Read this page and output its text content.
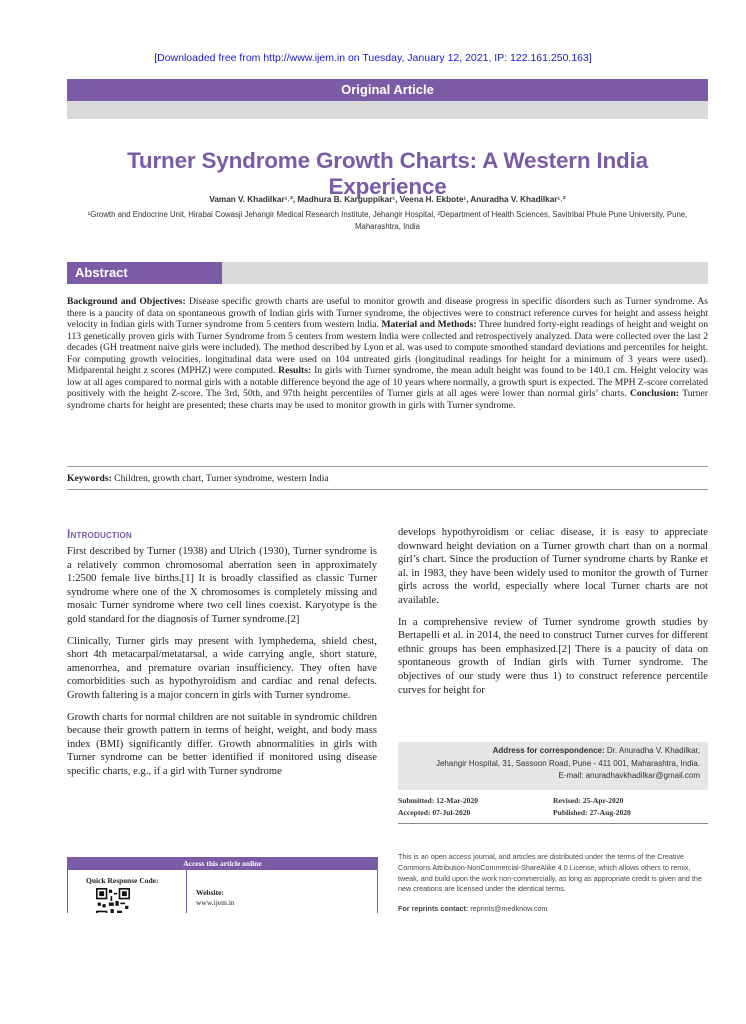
[Downloaded free from http://www.ijem.in on Tuesday, January 12, 2021, IP: 122.161.250.163]
Original Article
Turner Syndrome Growth Charts: A Western India Experience
Vaman V. Khadilkar¹˒², Madhura B. Karguppikar¹, Veena H. Ekbote¹, Anuradha V. Khadilkar¹˒²
¹Growth and Endocrine Unit, Hirabai Cowasji Jehangir Medical Research Institute, Jehangir Hospital, ²Department of Health Sciences, Savitribai Phule Pune University, Pune, Maharashtra, India
Abstract

Background and Objectives: Disease specific growth charts are useful to monitor growth and disease progress in specific disorders such as Turner syndrome. As there is a paucity of data on spontaneous growth of Indian girls with Turner syndrome, the objectives were to construct reference curves for height and assess height velocity in Indian girls with Turner syndrome from 5 centers from western India. Material and Methods: Three hundred forty-eight readings of height and weight on 113 genetically proven girls with Turner Syndrome from 5 centers from western India were collected and retrospectively analyzed. Data were collected over the last 2 decades (GH treatment naive girls were included). The method described by Lyon et al. was used to compute smoothed standard deviations and percentiles for height. For computing growth velocities, longitudinal data were used on 104 untreated girls (longitudinal readings for height for a minimum of 3 years were used). Midparental height z scores (MPHZ) were computed. Results: In girls with Turner syndrome, the mean adult height was found to be 140.1 cm. Height velocity was low at all ages compared to normal girls with a notable difference beyond the age of 10 years where normally, a growth spurt is expected. The MPH Z-score correlated positively with the height Z-score. The 3rd, 50th, and 97th height percentiles of Turner girls at all ages were lower than normal girls’ charts. Conclusion: Turner syndrome charts for height are presented; these charts may be used to monitor growth in girls with Turner syndrome.

Keywords: Children, growth chart, Turner syndrome, western India
Introduction

First described by Turner (1938) and Ulrich (1930), Turner syndrome is a relatively common chromosomal aberration seen in approximately 1:2500 female live births.[1] It is broadly classified as classic Turner syndrome where one of the X chromosomes is completely missing and mosaic Turner syndrome where two cell lines coexist. Karyotype is the gold standard for the diagnosis of Turner syndrome.[2]

Clinically, Turner girls may present with lymphedema, shield chest, short 4th metacarpal/metatarsal, a wide carrying angle, short stature, amenorrhea, and premature ovarian insufficiency. They often have comorbidities such as hypothyroidism and cardiac and renal defects. Growth faltering is a major concern in girls with Turner syndrome.

Growth charts for normal children are not suitable in syndromic children because their growth pattern in terms of height, weight, and body mass index (BMI) significantly differ. Growth abnormalities in girls with Turner syndrome can be better identified if monitored using disease specific charts, e.g., if a girl with Turner syndrome

develops hypothyroidism or celiac disease, it is easy to appreciate downward height deviation on a Turner growth chart than on a normal girl’s chart. Since the production of Turner syndrome charts by Ranke et al. in 1983, they have been widely used to monitor the growth of Turner girls across the world, especially where local Turner charts are not available.

In a comprehensive review of Turner syndrome growth studies by Bertapelli et al. in 2014, the need to construct Turner curves for different ethnic groups has been emphasized.[2] There is a paucity of data on spontaneous growth of Indian girls with Turner syndrome. The objectives of our study were thus 1) to construct reference percentile curves for height for

Address for correspondence: Dr. Anuradha V. Khadilkar,
Jehangir Hospital, 31, Sassoon Road, Pune - 411 001, Maharashtra, India.
E-mail: anuradhavkhadilkar@gmail.com
Submitted: 12-Mar-2020	Revised: 25-Apr-2020
Accepted: 07-Jul-2020	Published: 27-Aug-2020
This is an open access journal, and articles are distributed under the terms of the Creative Commons Attribution-NonCommercial-ShareAlike 4.0 License, which allows others to remix, tweak, and build upon the work non-commercially, as long as appropriate credit is given and the new creations are licensed under the identical terms.
For reprints contact: reprints@medknow.com
Access this article online
Quick Response Code:
Website:
www.ijem.in
